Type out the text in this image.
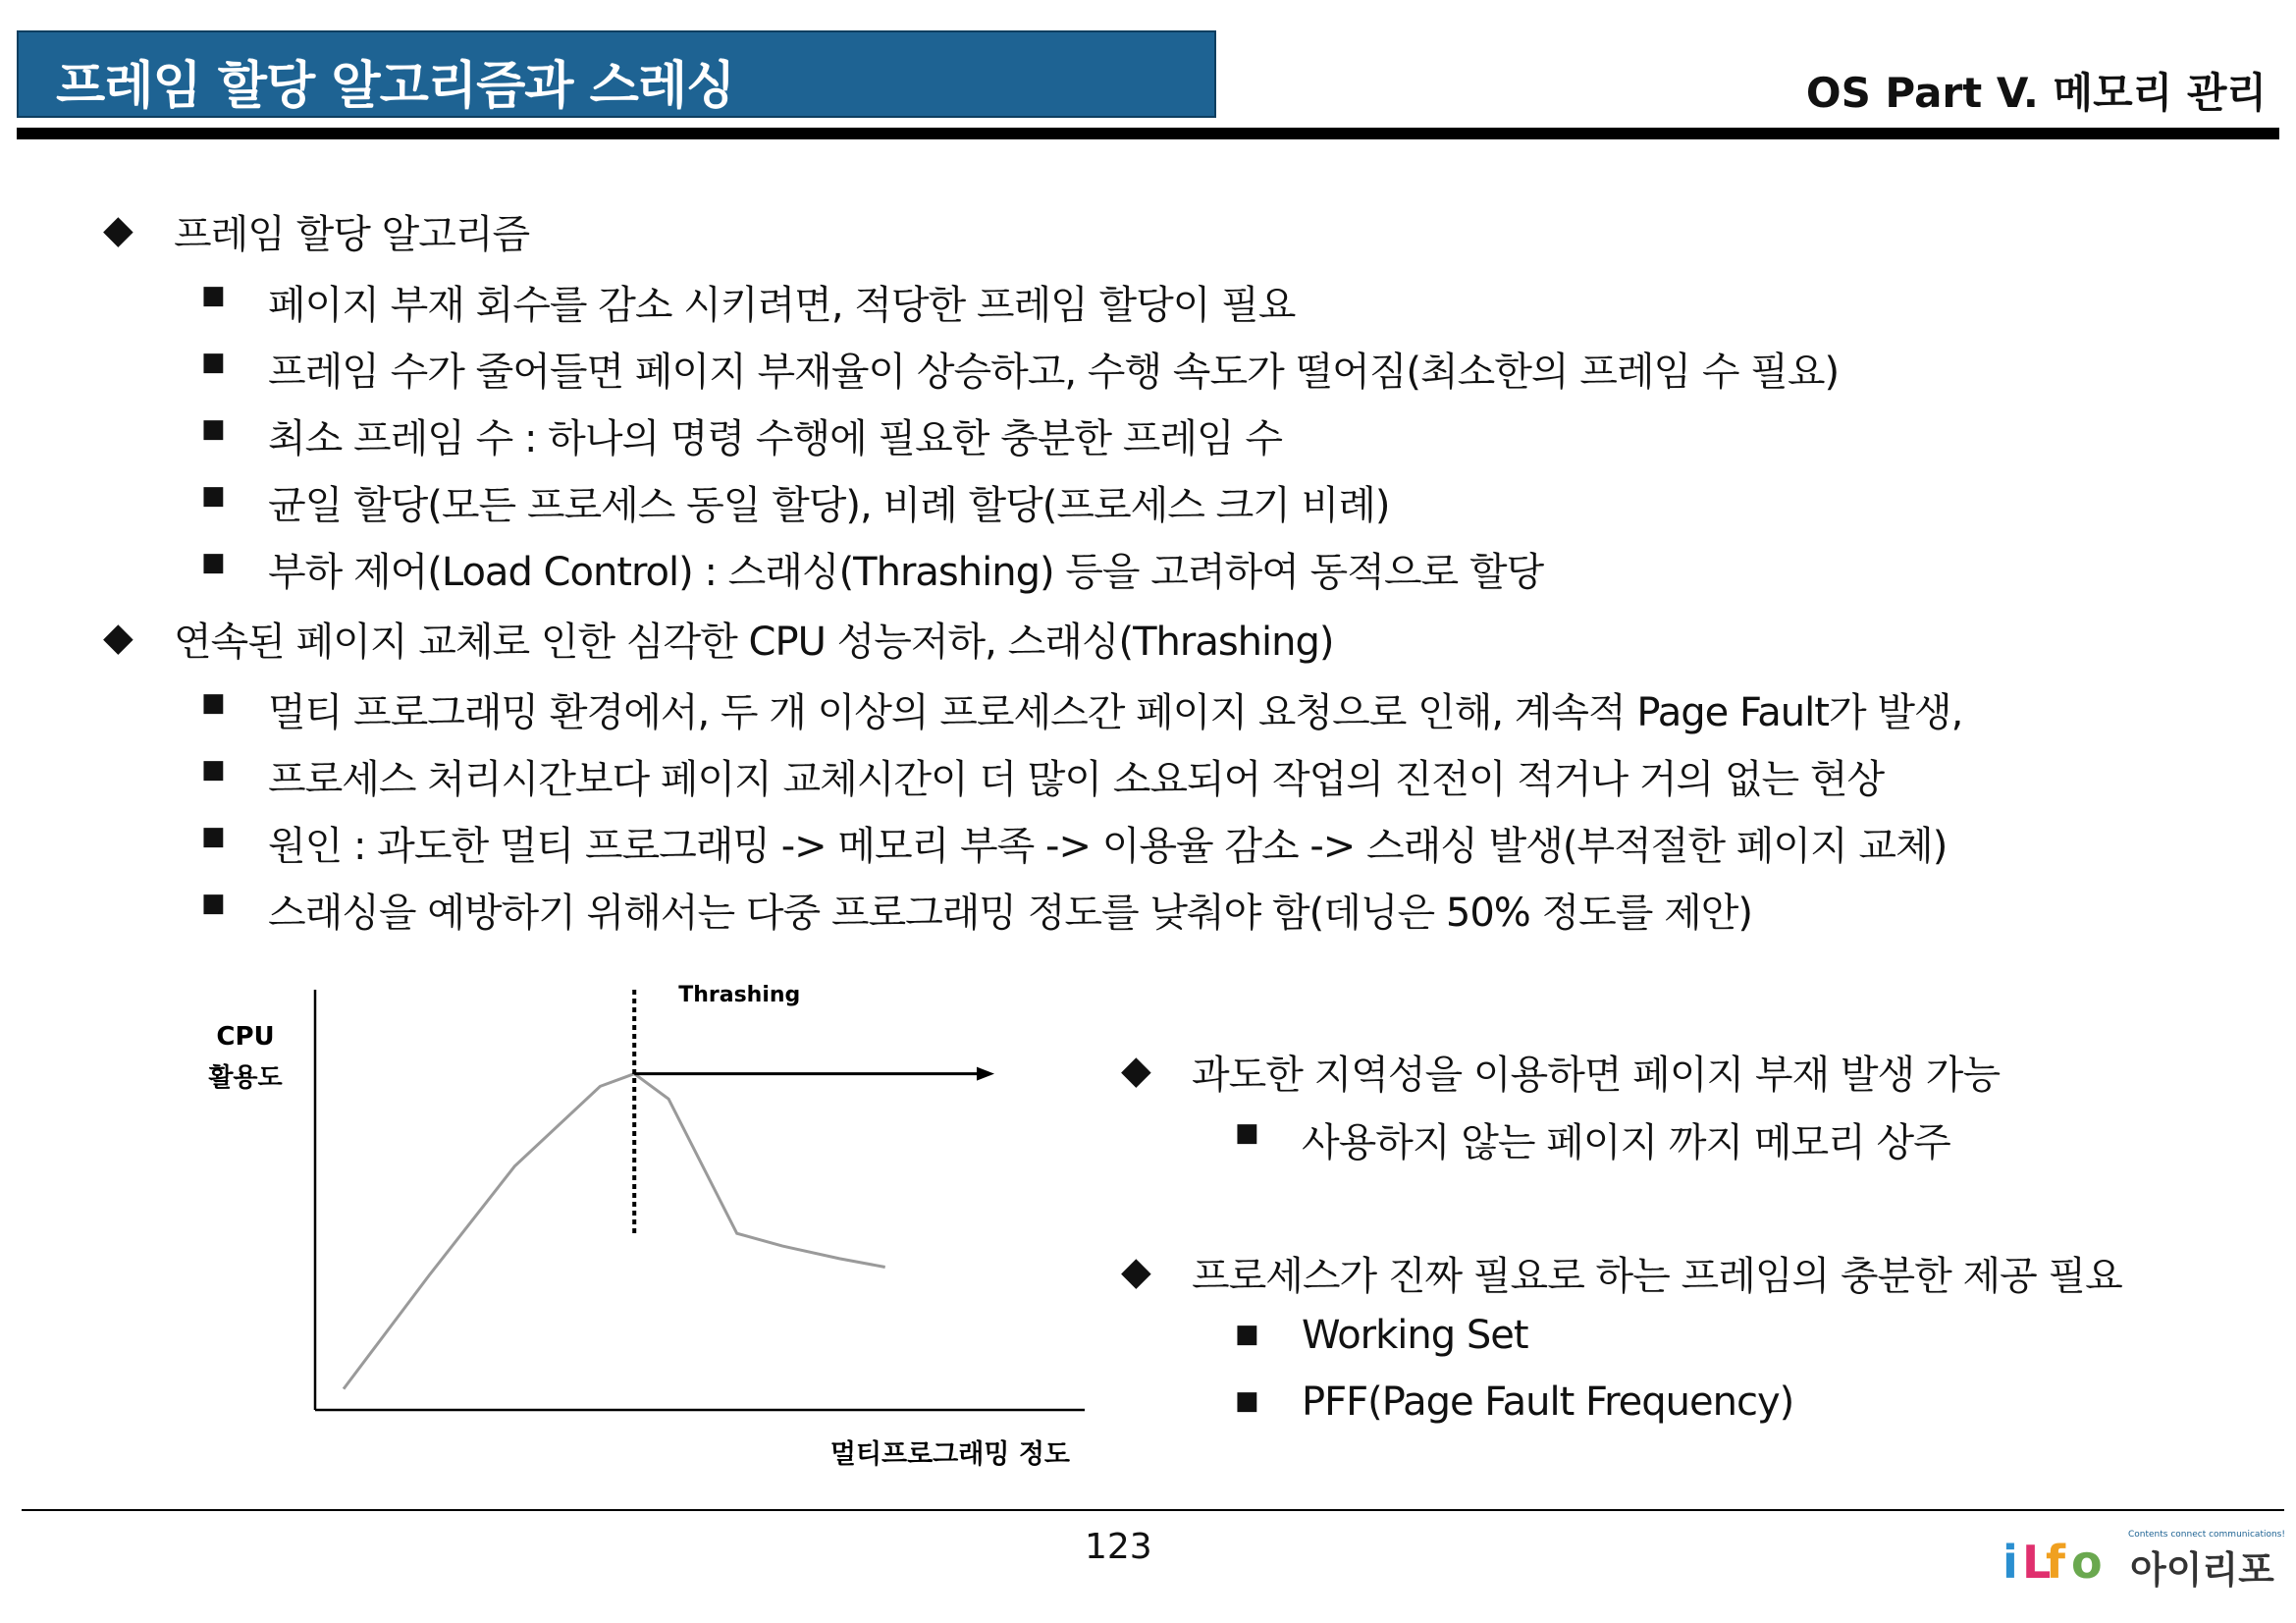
프레임 할당 알고리즘과 스레싱	OS Part V. 메모리 관리
◆ 프레임 할당 알고리즘
■ 페이지 부재 회수를 감소 시키려면, 적당한 프레임 할당이 필요
■ 프레임 수가 줄어들면 페이지 부재율이 상승하고, 수행 속도가 떨어짐(최소한의 프레임 수 필요)
■ 최소 프레임 수 : 하나의 명령 수행에 필요한 충분한 프레임 수
■ 균일 할당(모든 프로세스 동일 할당), 비례 할당(프로세스 크기 비례)
■ 부하 제어(Load Control) : 스래싱(Thrashing) 등을 고려하여 동적으로 할당
◆ 연속된 페이지 교체로 인한 심각한 CPU 성능저하, 스래싱(Thrashing)
■ 멀티 프로그래밍 환경에서, 두 개 이상의 프로세스간 페이지 요청으로 인해, 계속적 Page Fault가 발생,
■ 프로세스 처리시간보다 페이지 교체시간이 더 많이 소요되어 작업의 진전이 적거나 거의 없는 현상
■ 원인 : 과도한 멀티 프로그래밍 -> 메모리 부족 -> 이용율 감소 -> 스래싱 발생(부적절한 페이지 교체)
■ 스래싱을 예방하기 위해서는 다중 프로그래밍 정도를 낮춰야 함(데닝은 50% 정도를 제안)
◆ 과도한 지역성을 이용하면 페이지 부재 발생 가능
■ 사용하지 않는 페이지 까지 메모리 상주
◆ 프로세스가 진짜 필요로 하는 프레임의 충분한 제공 필요
■ Working Set
■ PFF(Page Fault Frequency)
CPU
활용도
Thrashing
멀티프로그래밍 정도
123	Contents connect communications!
i L
f o 아이리포
